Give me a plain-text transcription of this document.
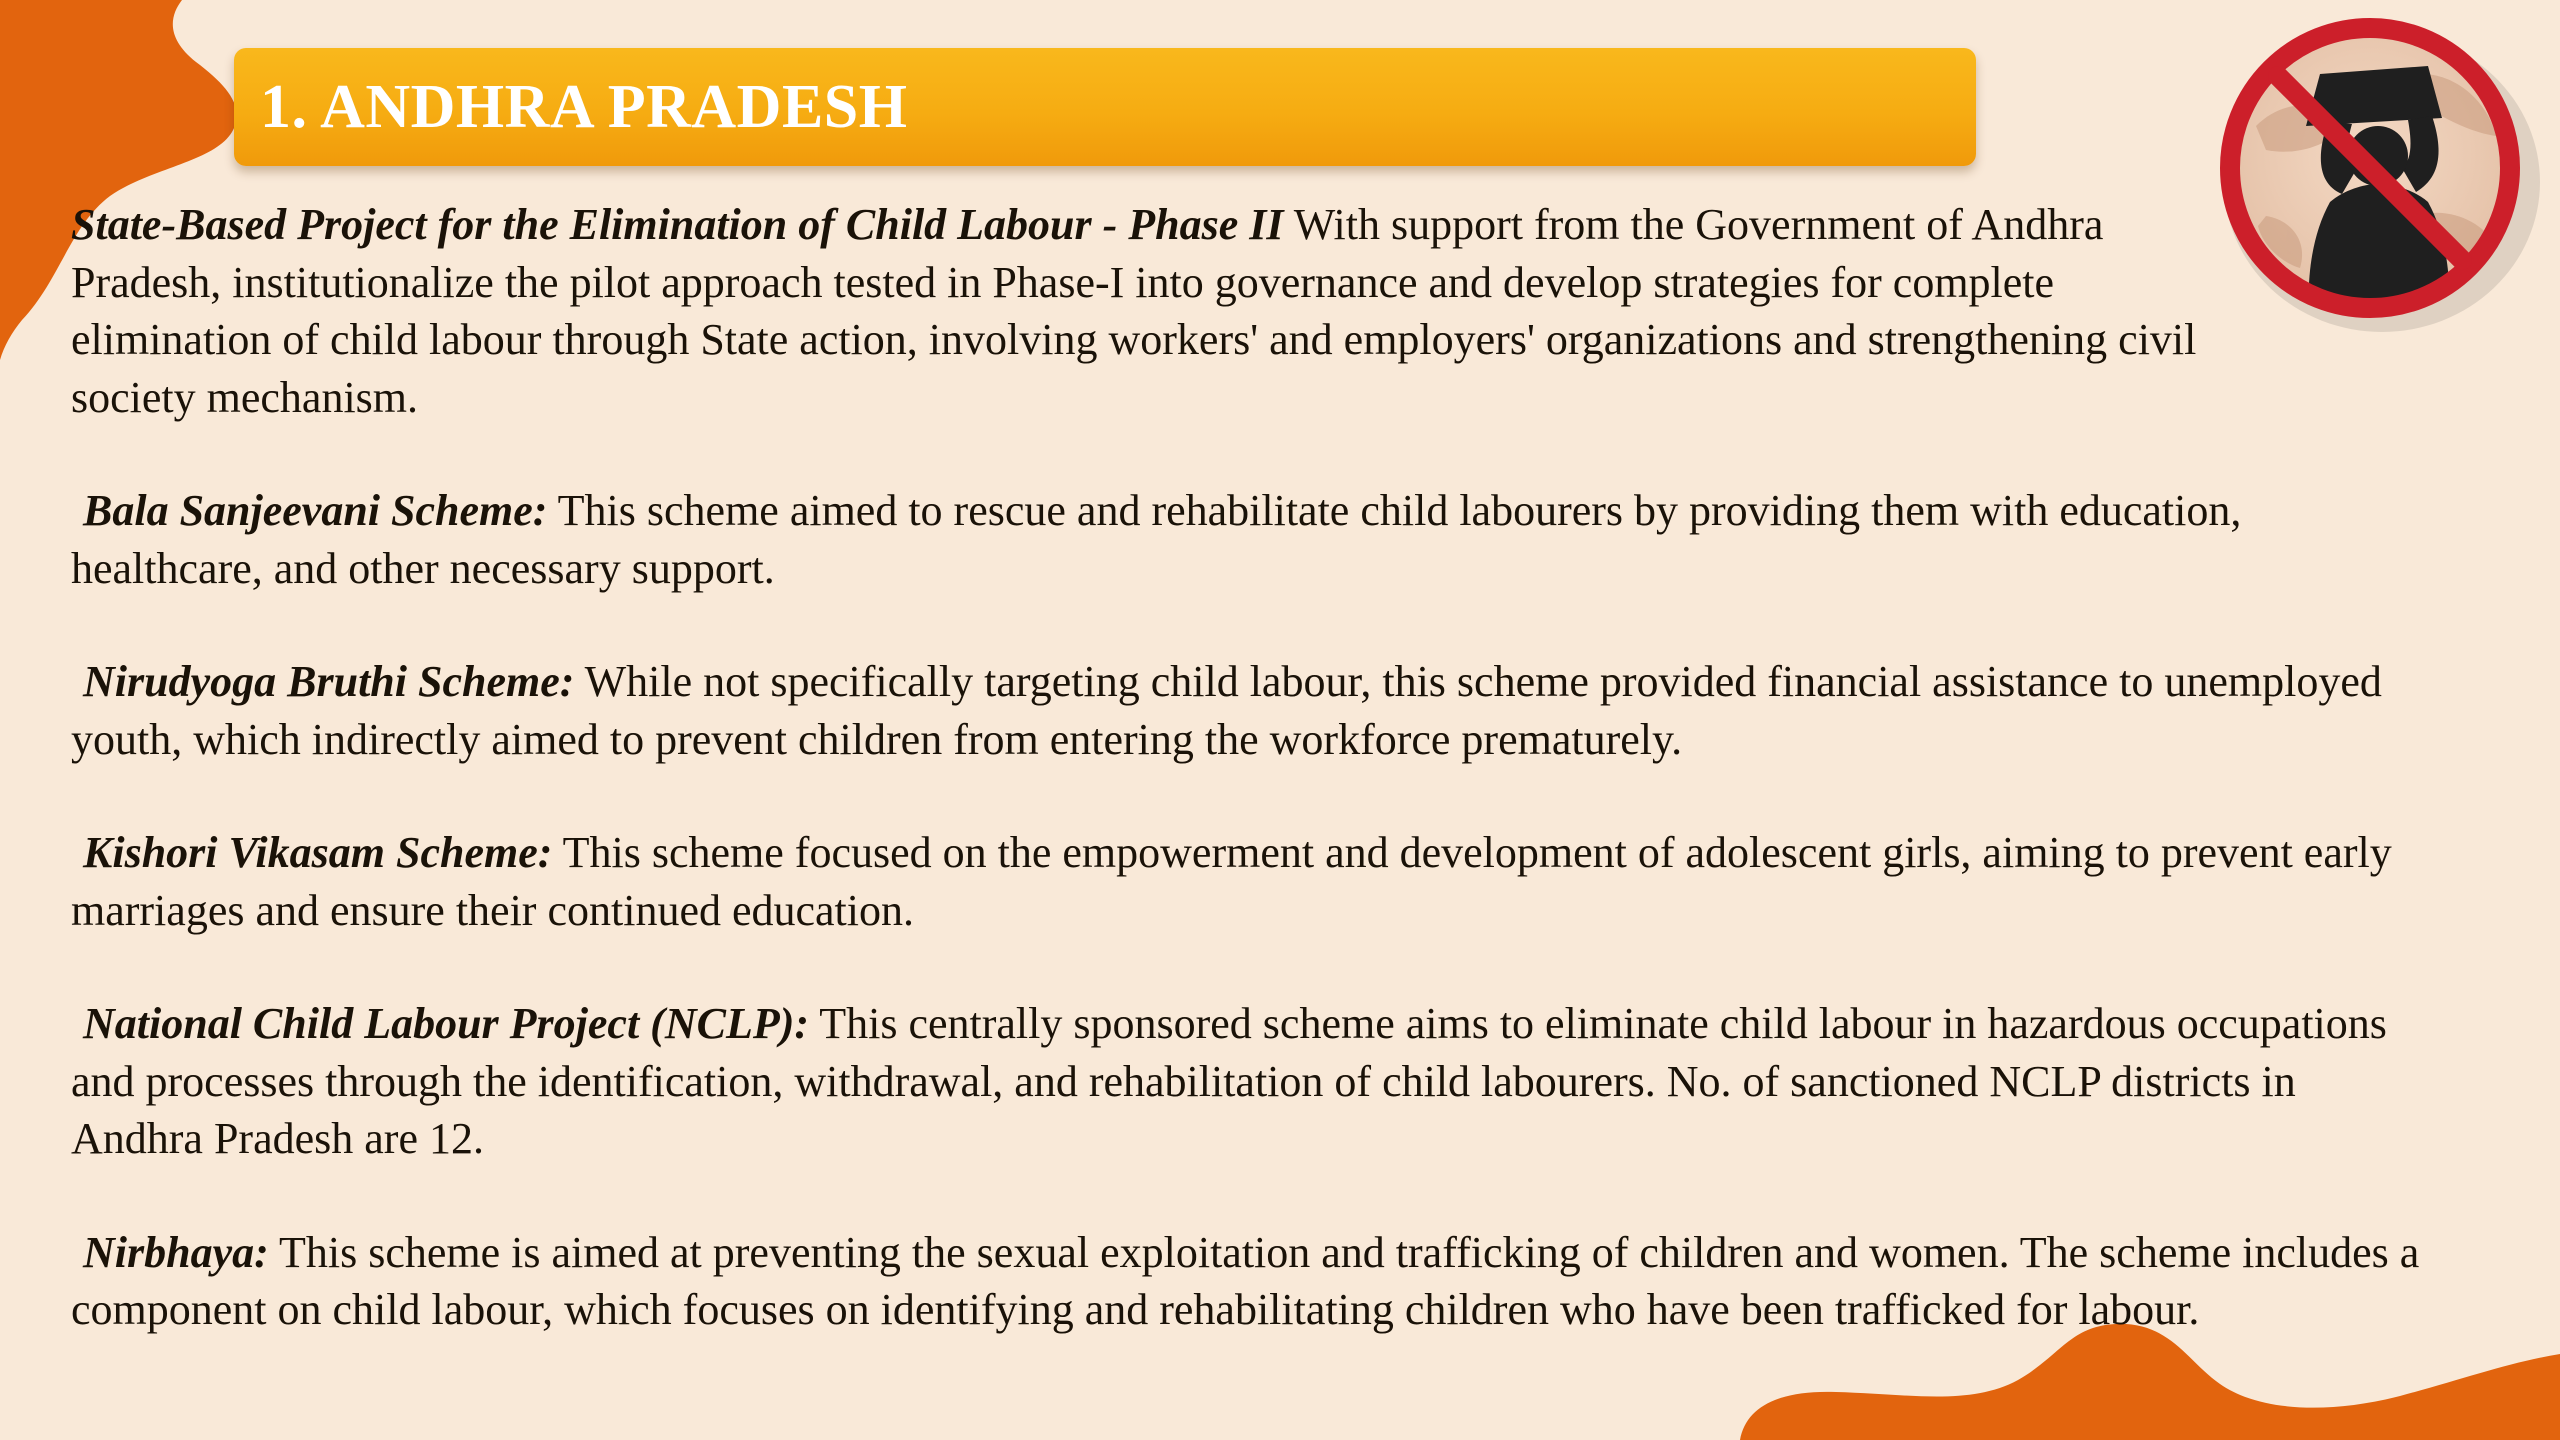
1. ANDHRA PRADESH

State-Based Project for the Elimination of Child Labour - Phase II With support from the Government of Andhra Pradesh, institutionalize the pilot approach tested in Phase-I into governance and develop strategies for complete elimination of child labour through State action, involving workers' and employers' organizations and strengthening civil society mechanism.

Bala Sanjeevani Scheme: This scheme aimed to rescue and rehabilitate child labourers by providing them with education, healthcare, and other necessary support.

Nirudyoga Bruthi Scheme: While not specifically targeting child labour, this scheme provided financial assistance to unemployed youth, which indirectly aimed to prevent children from entering the workforce prematurely.

Kishori Vikasam Scheme: This scheme focused on the empowerment and development of adolescent girls, aiming to prevent early marriages and ensure their continued education.

National Child Labour Project (NCLP): This centrally sponsored scheme aims to eliminate child labour in hazardous occupations and processes through the identification, withdrawal, and rehabilitation of child labourers. No. of sanctioned NCLP districts in Andhra Pradesh are 12.

Nirbhaya: This scheme is aimed at preventing the sexual exploitation and trafficking of children and women. The scheme includes a component on child labour, which focuses on identifying and rehabilitating children who have been trafficked for labour.
